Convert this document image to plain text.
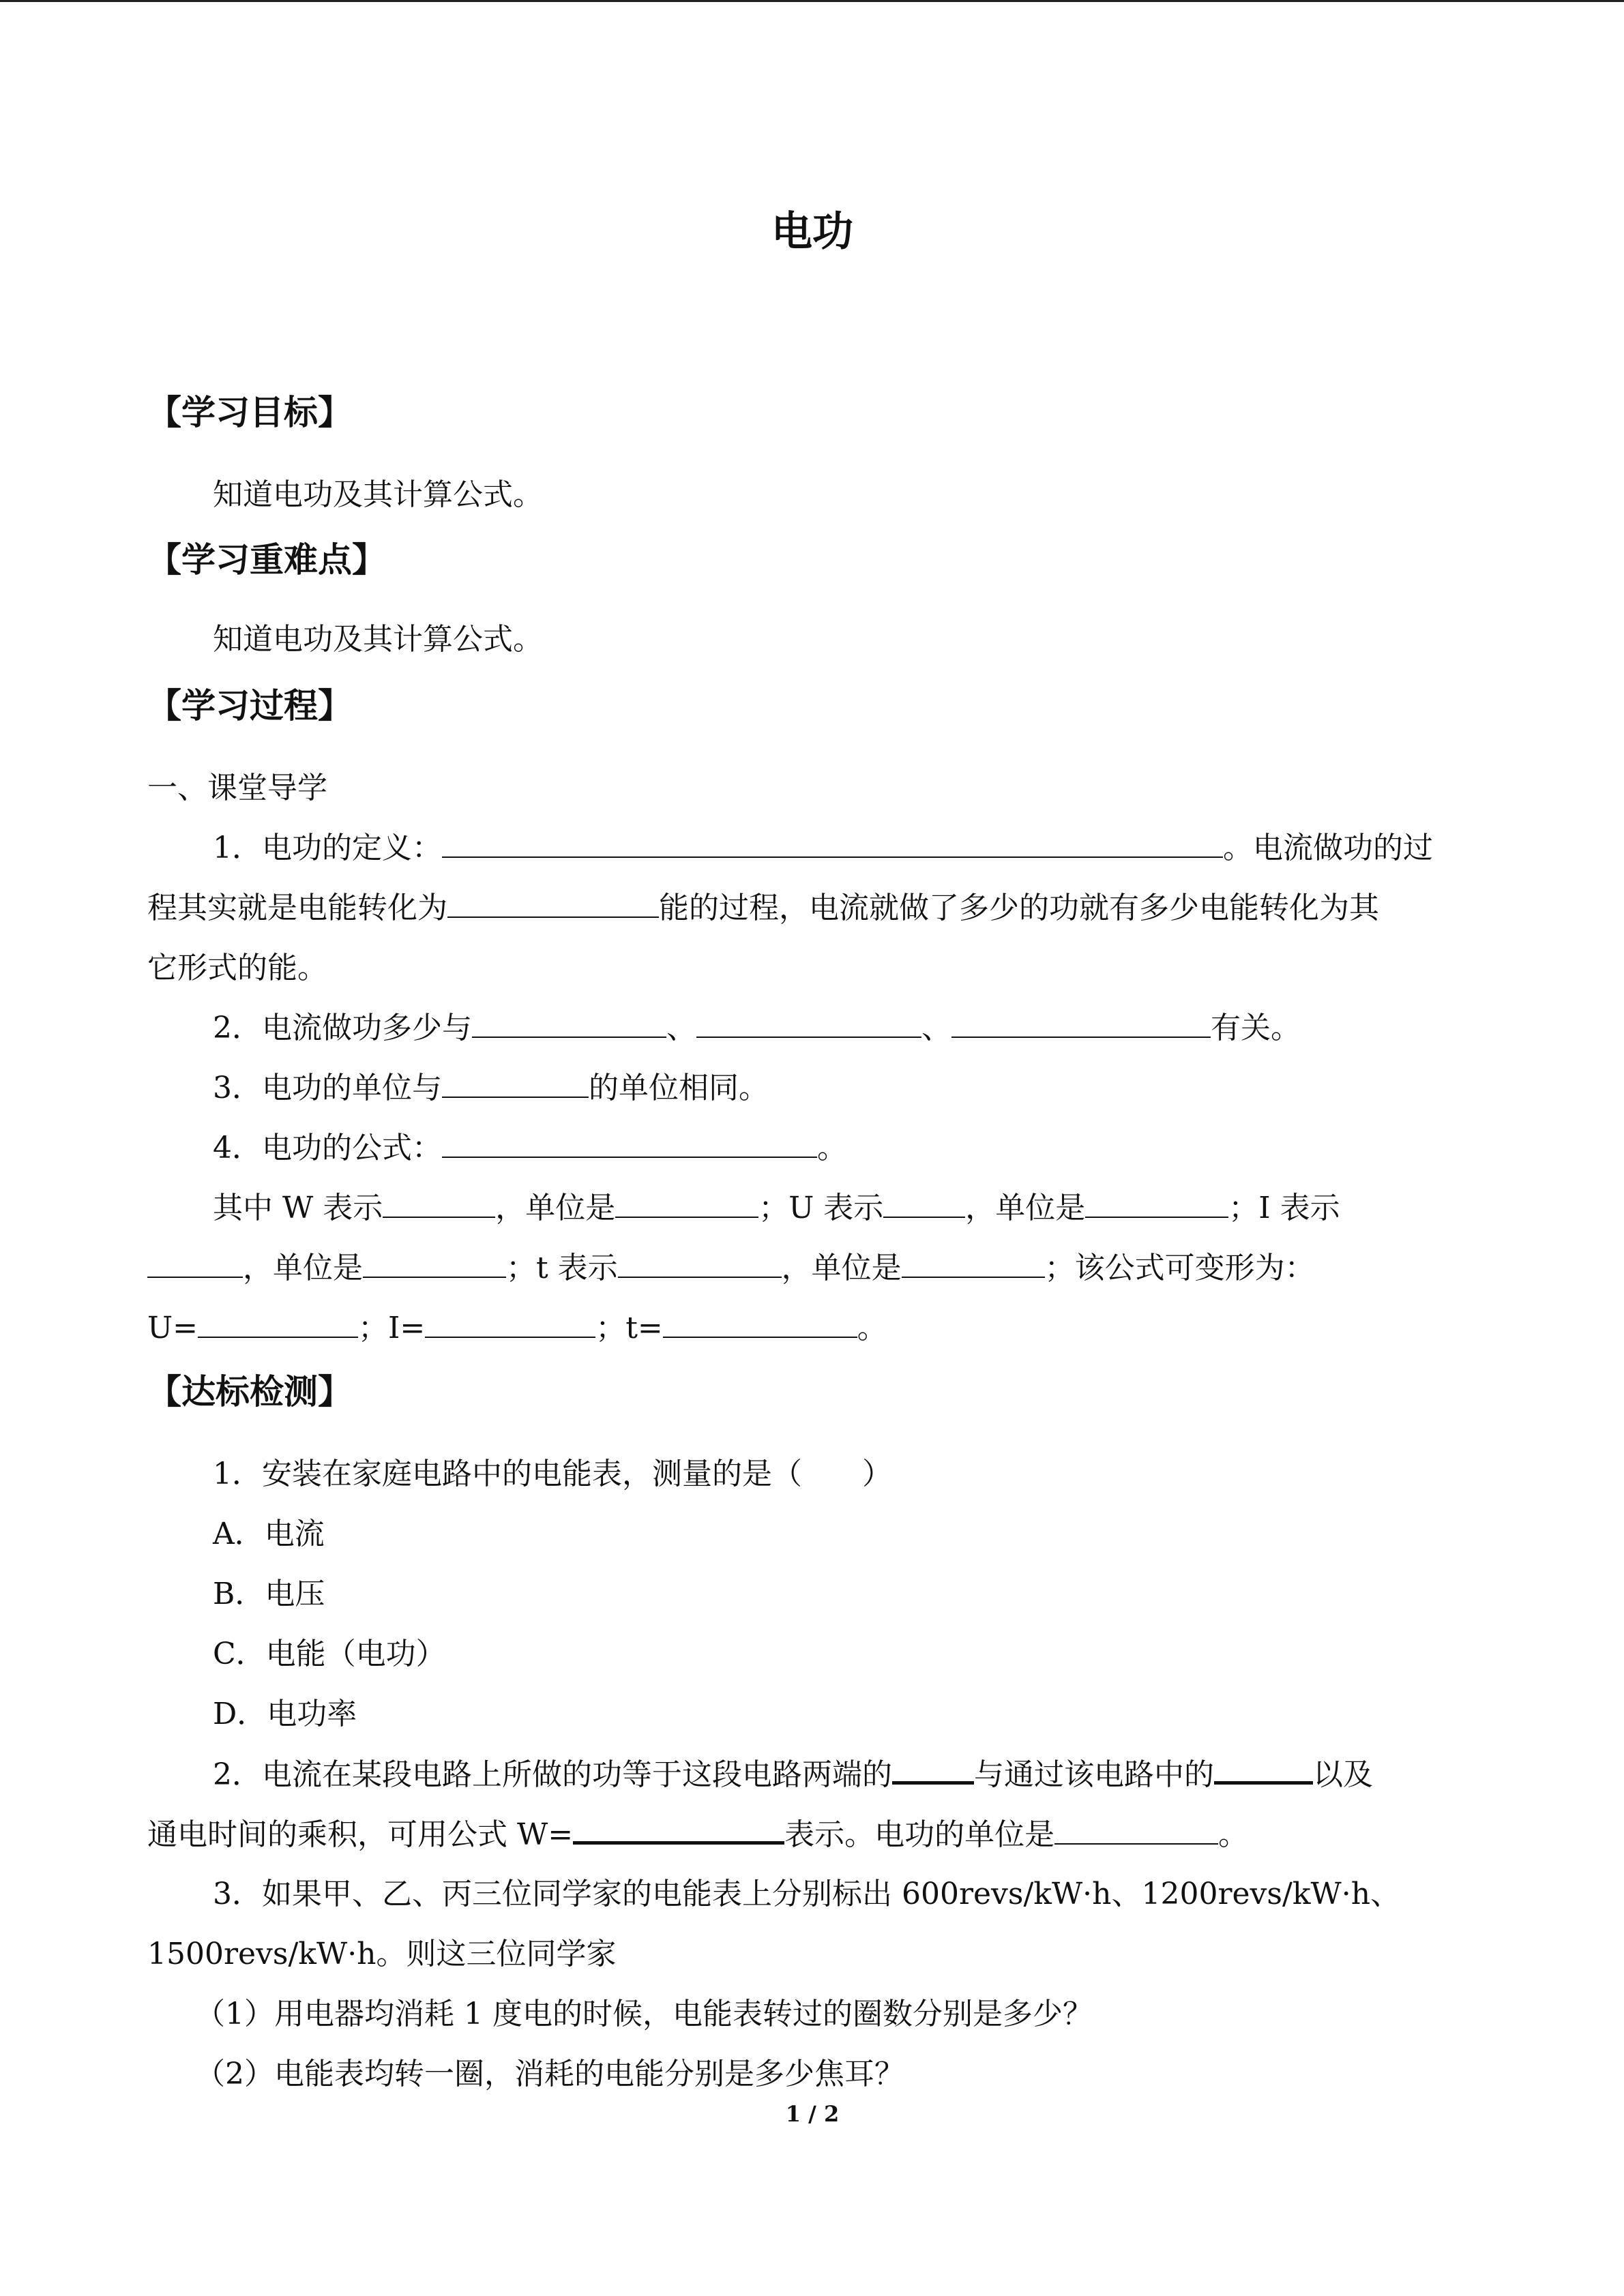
电功
【学习目标】
知道电功及其计算公式。
【学习重难点】
知道电功及其计算公式。
【学习过程】
一、课堂导学
1．电功的定义：	。电流做功的过
程其实就是电能转化为	能的过程，电流就做了多少的功就有多少电能转化为其
它形式的能。
2．电流做功多少与	、	、	有关。
3．电功的单位与	的单位相同。
4．电功的公式：	。
其中 W 表示	，单位是	；U 表示	，单位是	；I 表示
，单位是	；t 表示	，单位是	；该公式可变形为：
U=	；I=	；t=	。
【达标检测】
1．安装在家庭电路中的电能表，测量的是（　　）
A．电流
B．电压
C．电能（电功）
D．电功率
2．电流在某段电路上所做的功等于这段电路两端的	与通过该电路中的	以及
通电时间的乘积，可用公式 W=	表示。电功的单位是	。
3．如果甲、乙、丙三位同学家的电能表上分别标出 600revs/kW·h、1200revs/kW·h、
1500revs/kW·h。则这三位同学家
（1）用电器均消耗 1 度电的时候，电能表转过的圈数分别是多少？
（2）电能表均转一圈，消耗的电能分别是多少焦耳？
1 / 2
